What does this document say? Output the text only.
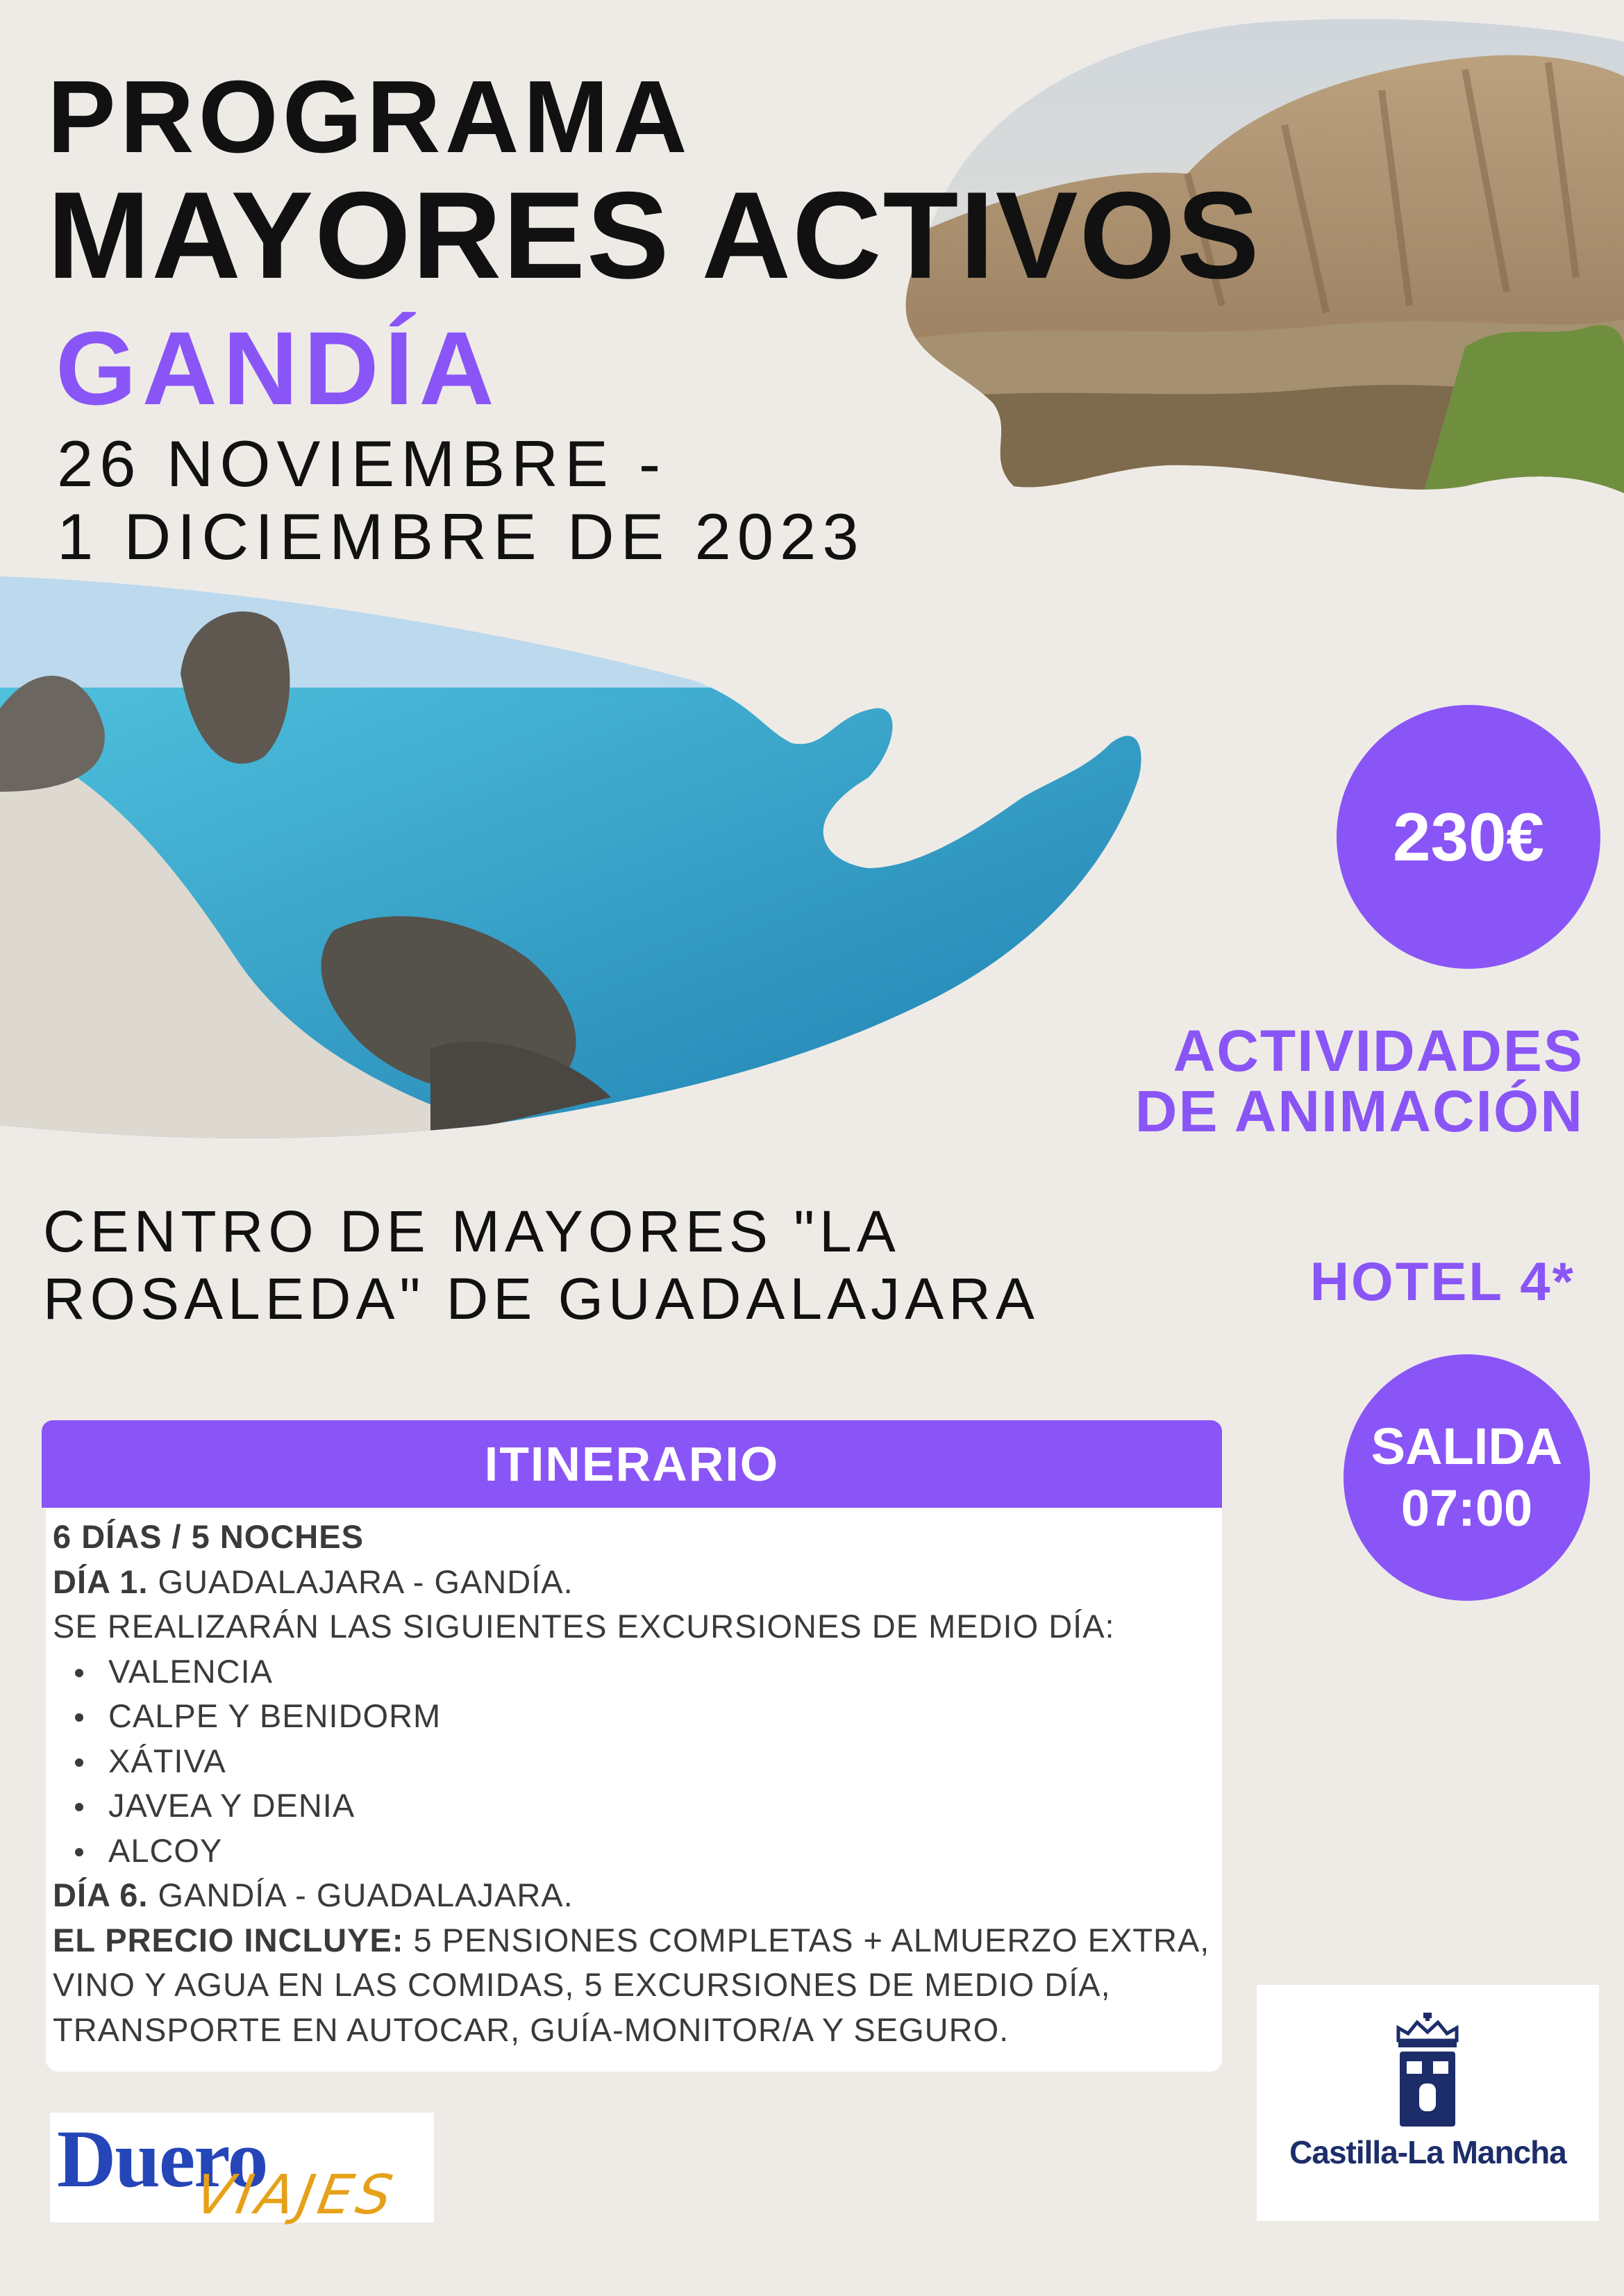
PROGRAMA
MAYORES ACTIVOS
GANDÍA
26 NOVIEMBRE -
1 DICIEMBRE DE 2023
230€
ACTIVIDADES
DE ANIMACIÓN
CENTRO DE MAYORES "LA
ROSALEDA" DE GUADALAJARA	HOTEL 4*
SALIDA
07:00
ITINERARIO

6 DÍAS / 5 NOCHES

DÍA 1. GUADALAJARA - GANDÍA.

SE REALIZARÁN LAS SIGUIENTES EXCURSIONES DE MEDIO DÍA:

VALENCIA
CALPE Y BENIDORM
XÁTIVA
JAVEA Y DENIA
ALCOY

DÍA 6. GANDÍA - GUADALAJARA.

EL PRECIO INCLUYE: 5 PENSIONES COMPLETAS + ALMUERZO EXTRA, VINO Y AGUA EN LAS COMIDAS, 5 EXCURSIONES DE MEDIO DÍA, TRANSPORTE EN AUTOCAR, GUÍA-MONITOR/A Y SEGURO.

Duero
VIAJES
Castilla-La Mancha
